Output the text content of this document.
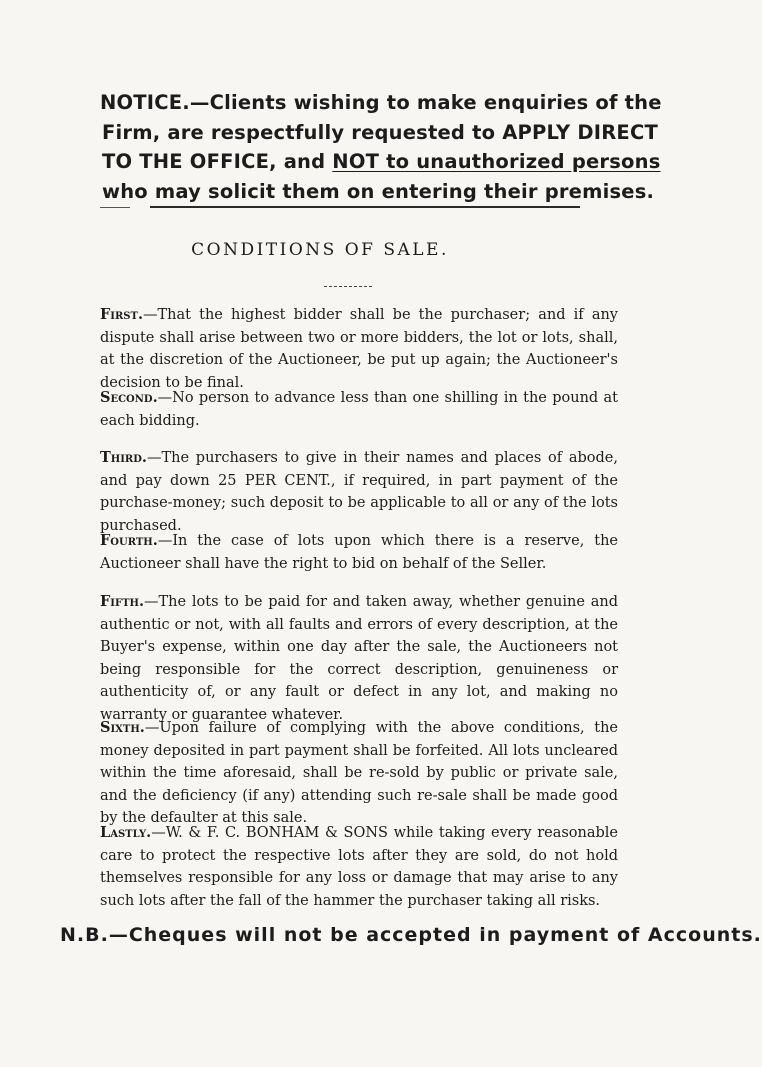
NOTICE.—Clients wishing to make enquiries of the
Firm, are respectfully requested to APPLY DIRECT
TO THE OFFICE, and NOT to unauthorized persons
who may solicit them on entering their premises.
CONDITIONS OF SALE.
First.—That the highest bidder shall be the purchaser; and if any dispute shall arise between two or more bidders, the lot or lots, shall, at the discretion of the Auctioneer, be put up again; the Auctioneer's decision to be final.
Second.—No person to advance less than one shilling in the pound at each bidding.
Third.—The purchasers to give in their names and places of abode, and pay down 25 PER CENT., if required, in part payment of the purchase-money; such deposit to be applicable to all or any of the lots purchased.
Fourth.—In the case of lots upon which there is a reserve, the Auctioneer shall have the right to bid on behalf of the Seller.
Fifth.—The lots to be paid for and taken away, whether genuine and authentic or not, with all faults and errors of every description, at the Buyer's expense, within one day after the sale, the Auctioneers not being responsible for the correct description, genuineness or authenticity of, or any fault or defect in any lot, and making no warranty or guarantee whatever.
Sixth.—Upon failure of complying with the above conditions, the money deposited in part payment shall be forfeited. All lots uncleared within the time aforesaid, shall be re-sold by public or private sale, and the deficiency (if any) attending such re-sale shall be made good by the defaulter at this sale.
Lastly.—W. & F. C. BONHAM & SONS while taking every reasonable care to protect the respective lots after they are sold, do not hold themselves responsible for any loss or damage that may arise to any such lots after the fall of the hammer the purchaser taking all risks.
N.B.—Cheques will not be accepted in payment of Accounts.
